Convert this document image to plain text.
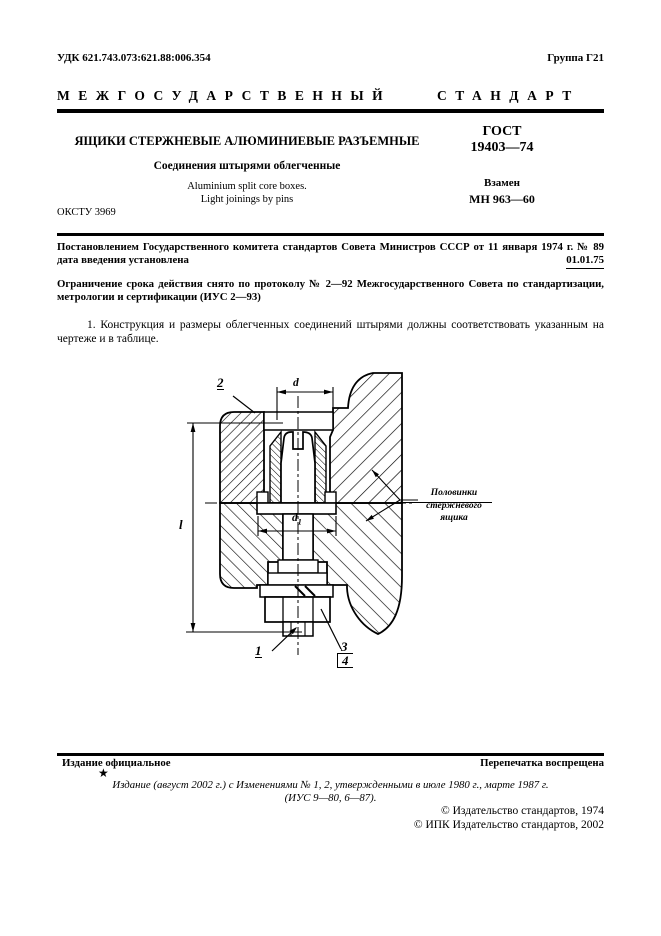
УДК 621.743.073:621.88:006.354	Группа Г21
МЕЖГОСУДАРСТВЕННЫЙ СТАНДАРТ
ЯЩИКИ СТЕРЖНЕВЫЕ АЛЮМИНИЕВЫЕ РАЗЪЕМНЫЕ
Соединения штырями облегченные
Aluminium split core boxes.
Light joinings by pins
ОКСТУ 3969
ГОСТ
19403—74
Взамен
МН 963—60
Постановлением Государственного комитета стандартов Совета Министров СССР от 11 января 1974 г. № 89
01.01.75
дата введения установлена
Ограничение срока действия снято по протоколу № 2—92 Межгосударственного Совета по стандартизации,
метрологии и сертификации (ИУС 2—93)
1. Конструкция и размеры облегченных соединений штырями должны соответствовать указанным на чертеже и в таблице.
2	d
l	$d_1$
1	$\frac{3}{4}$
Половинки
стержневого
ящика
Издание официальное	Перепечатка воспрещена
★
Издание (август 2002 г.) с Изменениями № 1, 2, утвержденными в июле 1980 г., марте 1987 г.
(ИУС 9—80, 6—87).
© Издательство стандартов, 1974
© ИПК Издательство стандартов, 2002
